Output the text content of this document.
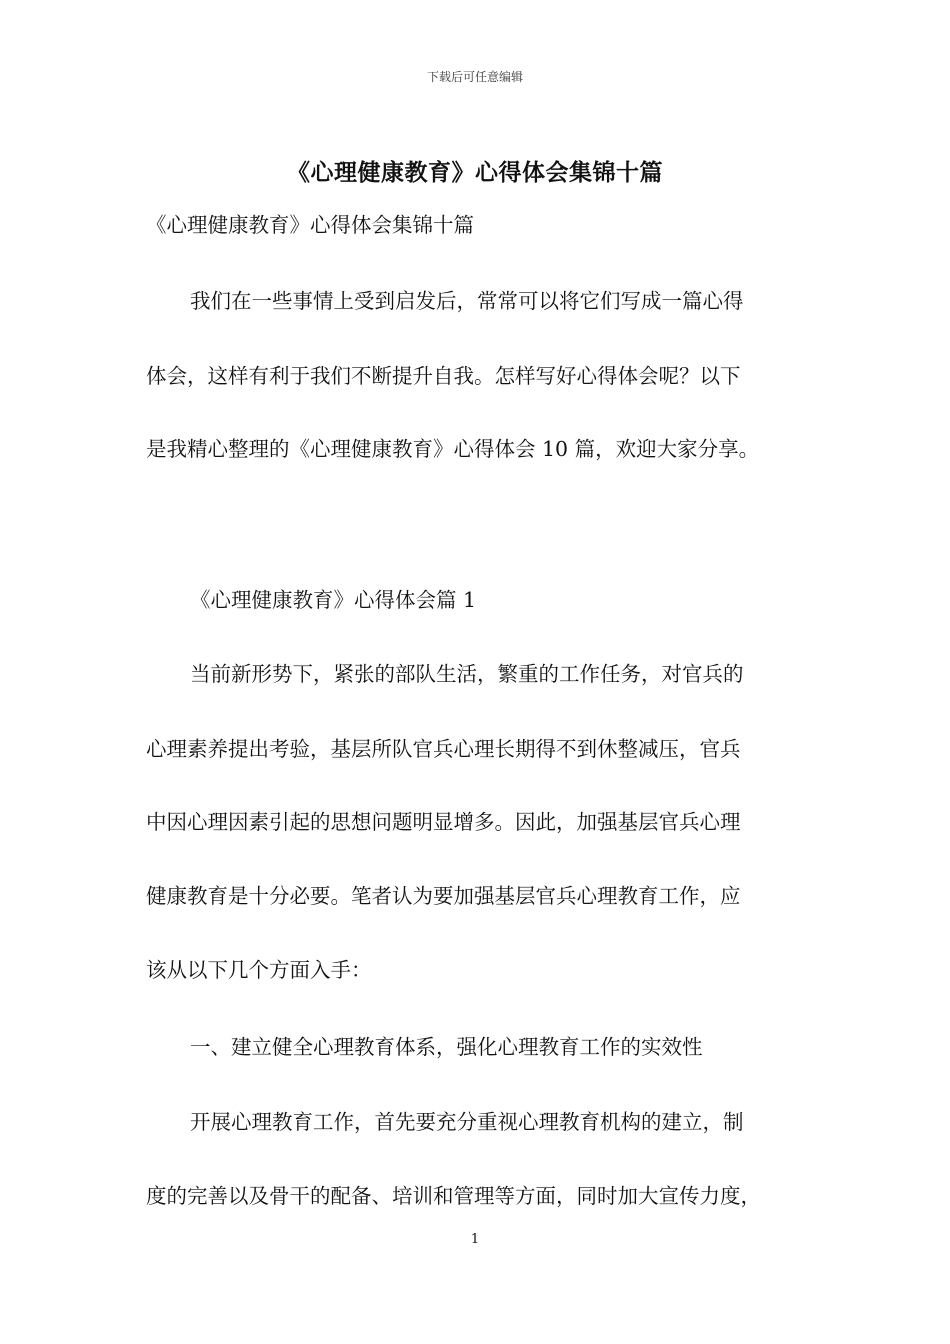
下载后可任意编辑
《心理健康教育》心得体会集锦十篇
《心理健康教育》心得体会集锦十篇
我们在一些事情上受到启发后，常常可以将它们写成一篇心得
体会，这样有利于我们不断提升自我。怎样写好心得体会呢？以下
是我精心整理的《心理健康教育》心得体会 10 篇，欢迎大家分享。
《心理健康教育》心得体会篇 1
当前新形势下，紧张的部队生活，繁重的工作任务，对官兵的
心理素养提出考验，基层所队官兵心理长期得不到休整减压，官兵
中因心理因素引起的思想问题明显增多。因此，加强基层官兵心理
健康教育是十分必要。笔者认为要加强基层官兵心理教育工作，应
该从以下几个方面入手：
一、建立健全心理教育体系，强化心理教育工作的实效性
开展心理教育工作，首先要充分重视心理教育机构的建立，制
度的完善以及骨干的配备、培训和管理等方面，同时加大宣传力度，
1
